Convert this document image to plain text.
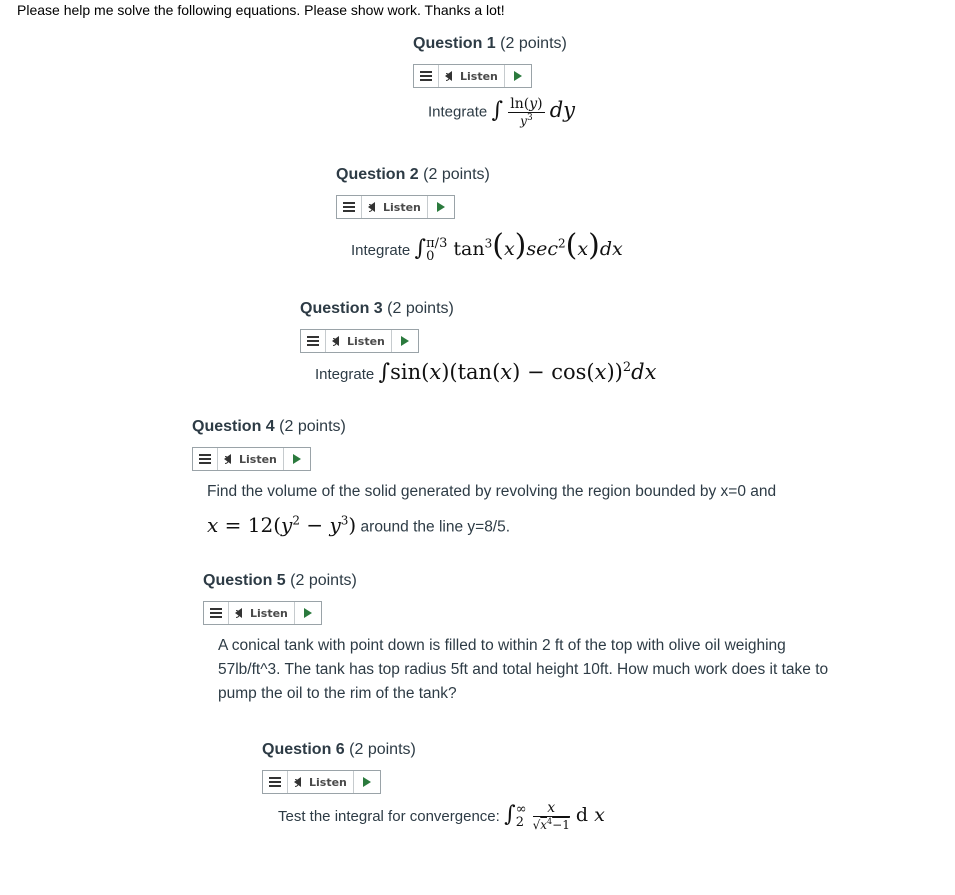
Please help me solve the following equations. Please show work. Thanks a lot!
Question 1 (2 points)
Listen
Integrate ∫ $\frac{\ln(y)}{y^3}$ dy
Question 2 (2 points)
Listen
Integrate ∫ π/3
0 $\tan^3(x)\sec^2(x)dx$
Question 3 (2 points)
Listen
Integrate $\int\sin(x)(\tan(x) - \cos(x))^2dx$
Question 4 (2 points)
Listen
Find the volume of the solid generated by revolving the region bounded by x=0 and
$x = 12(y^2 - y^3)$ around the line y=8/5.
Question 5 (2 points)
Listen
A conical tank with point down is filled to within 2 ft of the top with olive oil weighing 57lb/ft^3. The tank has top radius 5ft and total height 10ft. How much work does it take to pump the oil to the rim of the tank?
Question 6 (2 points)
Listen
Test the integral for convergence: ∫ ∞
2
$\frac{x}{√x^4-1}$ d x
